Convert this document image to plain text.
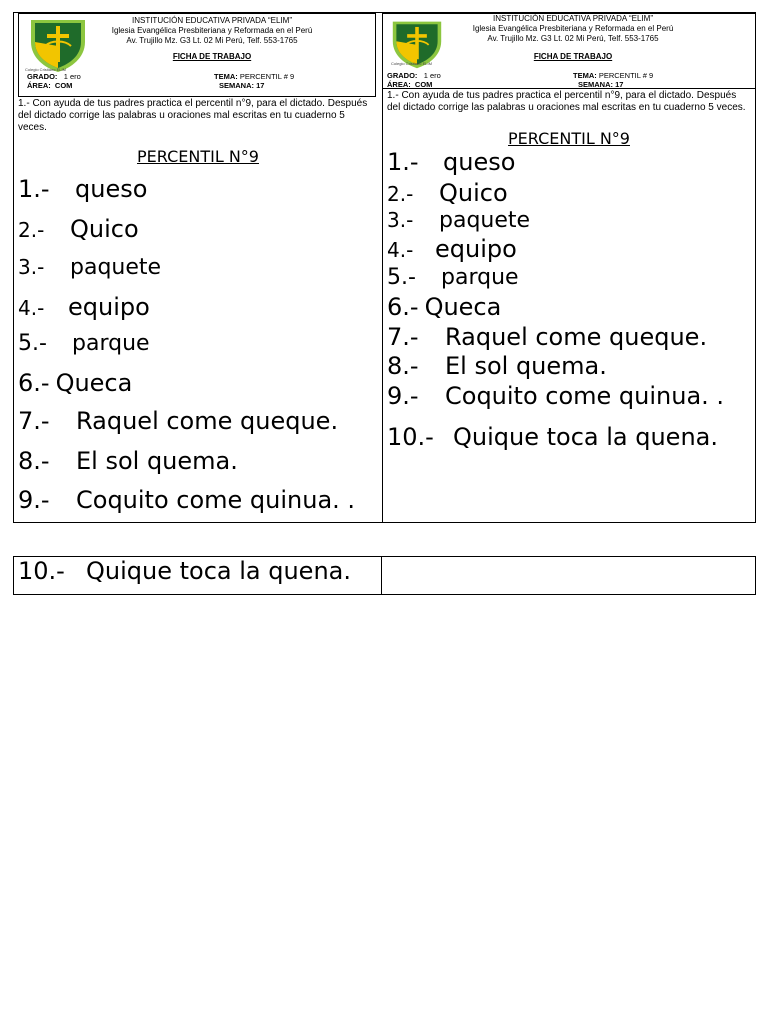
Colegio Cristiano ELIM
INSTITUCIÓN EDUCATIVA PRIVADA “ELIM”
Iglesia Evangélica Presbiteriana y Reformada en el Perú
Av. Trujillo Mz. G3 Lt. 02 Mi Perú, Telf. 553-1765
FICHA DE TRABAJO
GRADO: 1 ero
ÁREA: COM
TEMA: PERCENTIL # 9
SEMANA: 17
1.- Con ayuda de tus padres practica el percentil n°9, para el dictado. Después del dictado corrige las palabras u oraciones mal escritas en tu cuaderno 5 veces.
PERCENTIL N°9
1.- queso
2.- Quico
3.- paquete
4.- equipo
5.- parque
6.- Queca
7.- Raquel come queque.
8.- El sol quema.
9.- Coquito come quinua. .
Colegio Cristiano ELIM
INSTITUCIÓN EDUCATIVA PRIVADA “ELIM”
Iglesia Evangélica Presbiteriana y Reformada en el Perú
Av. Trujillo Mz. G3 Lt. 02 Mi Perú, Telf. 553-1765
FICHA DE TRABAJO
GRADO: 1 ero
ÁREA: COM
TEMA: PERCENTIL # 9
SEMANA: 17
1.- Con ayuda de tus padres practica el percentil n°9, para el dictado. Después del dictado corrige las palabras u oraciones mal escritas en tu cuaderno 5 veces.
PERCENTIL N°9
1.- queso
2.- Quico
3.- paquete
4.- equipo
5.- parque
6.- Queca
7.- Raquel come queque.
8.- El sol quema.
9.- Coquito come quinua. .
10.- Quique toca la quena.
10.- Quique toca la quena.
